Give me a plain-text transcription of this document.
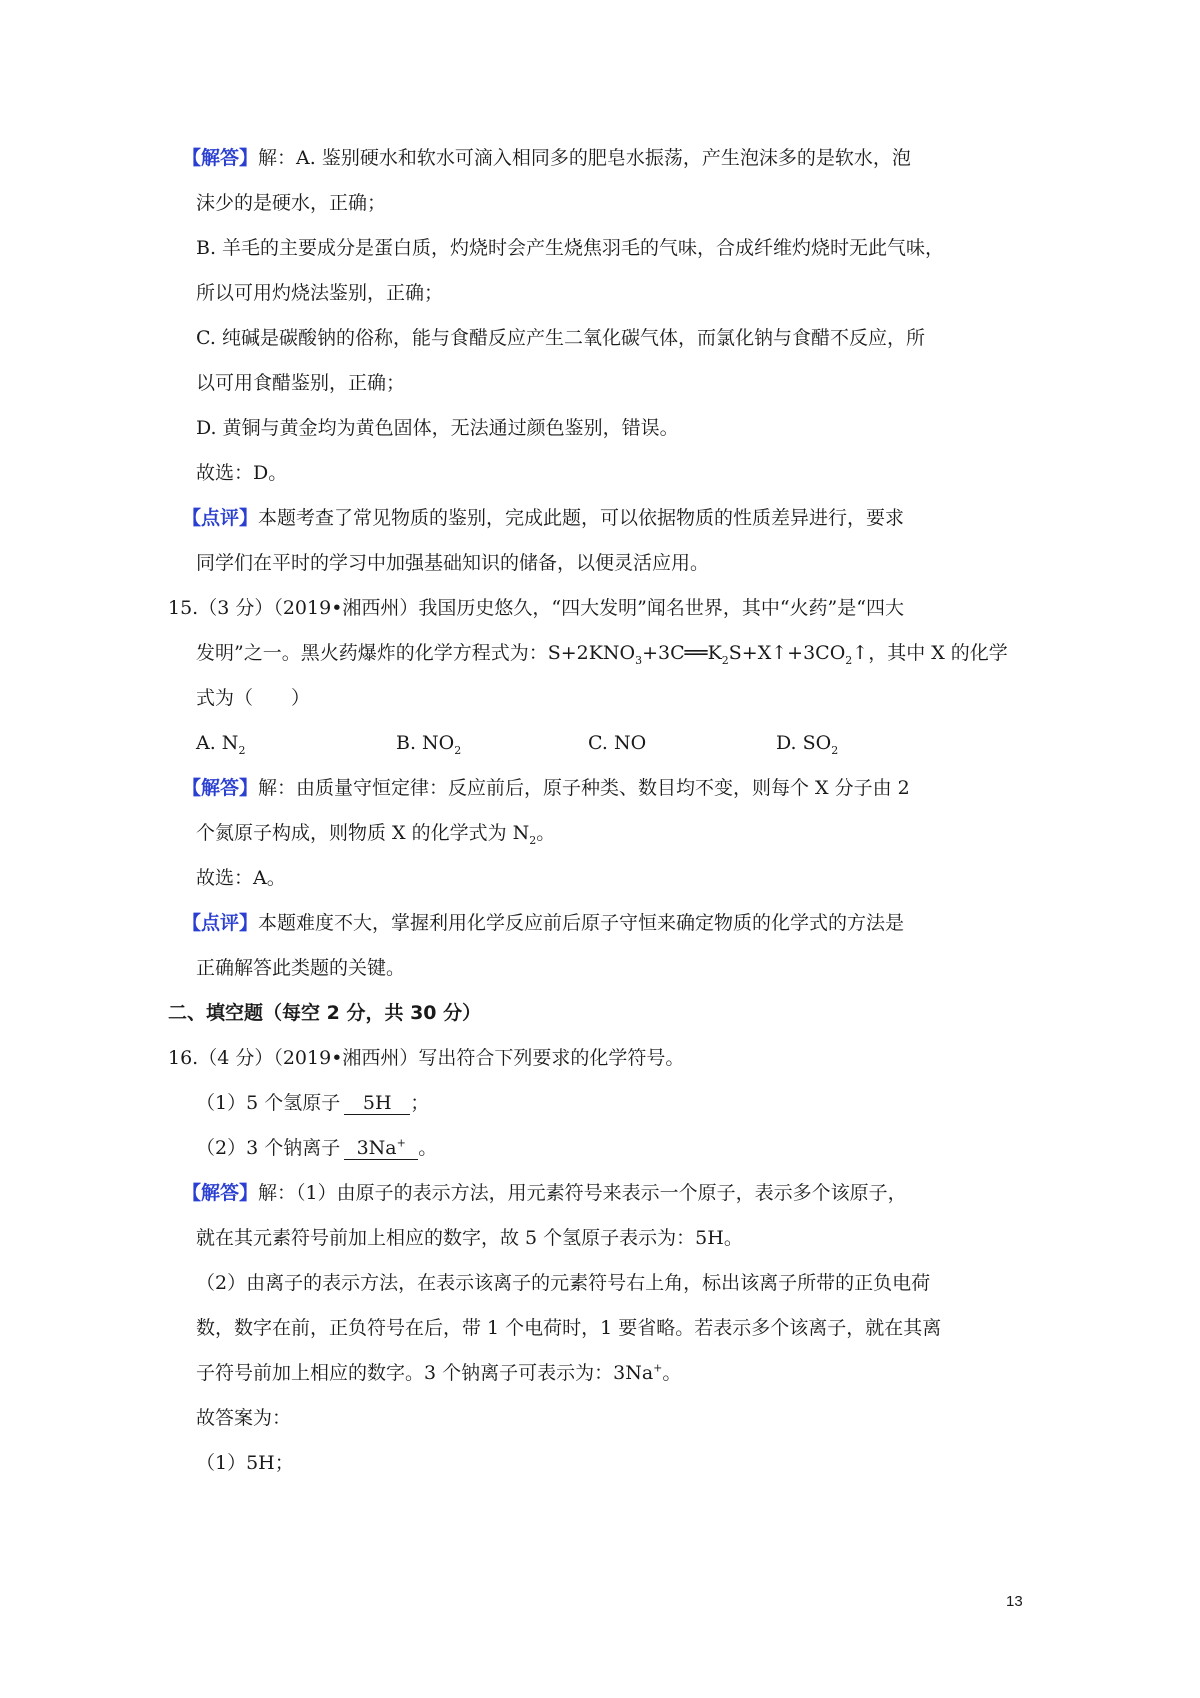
【解答】解：A. 鉴别硬水和软水可滴入相同多的肥皂水振荡，产生泡沫多的是软水，泡
沫少的是硬水，正确；
B. 羊毛的主要成分是蛋白质，灼烧时会产生烧焦羽毛的气味，合成纤维灼烧时无此气味，
所以可用灼烧法鉴别，正确；
C. 纯碱是碳酸钠的俗称，能与食醋反应产生二氧化碳气体，而氯化钠与食醋不反应，所
以可用食醋鉴别，正确；
D. 黄铜与黄金均为黄色固体，无法通过颜色鉴别，错误。
故选：D。
【点评】本题考查了常见物质的鉴别，完成此题，可以依据物质的性质差异进行，要求
同学们在平时的学习中加强基础知识的储备，以便灵活应用。
15.（3 分）（2019•湘西州）我国历史悠久，“四大发明”闻名世界，其中“火药”是“四大
发明”之一。黑火药爆炸的化学方程式为：$S+2KNO_3+3C══K_2S+X↑+3CO_2↑$，其中 X 的化学
式为（　　）
A. $N_2$	B. $NO_2$	C. NO	D. $SO_2$
【解答】解：由质量守恒定律：反应前后，原子种类、数目均不变，则每个 X 分子由 2
个氮原子构成，则物质 X 的化学式为 $N_2$。
故选：A。
【点评】本题难度不大，掌握利用化学反应前后原子守恒来确定物质的化学式的方法是
正确解答此类题的关键。
二、填空题（每空 2 分，共 30 分）
16.（4 分）（2019•湘西州）写出符合下列要求的化学符号。
（1）5 个氢原子 5H ；
（2）3 个钠离子 3Na+ 。
【解答】解：（1）由原子的表示方法，用元素符号来表示一个原子，表示多个该原子，
就在其元素符号前加上相应的数字，故 5 个氢原子表示为：5H。
（2）由离子的表示方法，在表示该离子的元素符号右上角，标出该离子所带的正负电荷
数，数字在前，正负符号在后，带 1 个电荷时，1 要省略。若表示多个该离子，就在其离
子符号前加上相应的数字。3 个钠离子可表示为：3Na+。
故答案为：
（1）5H；
13
